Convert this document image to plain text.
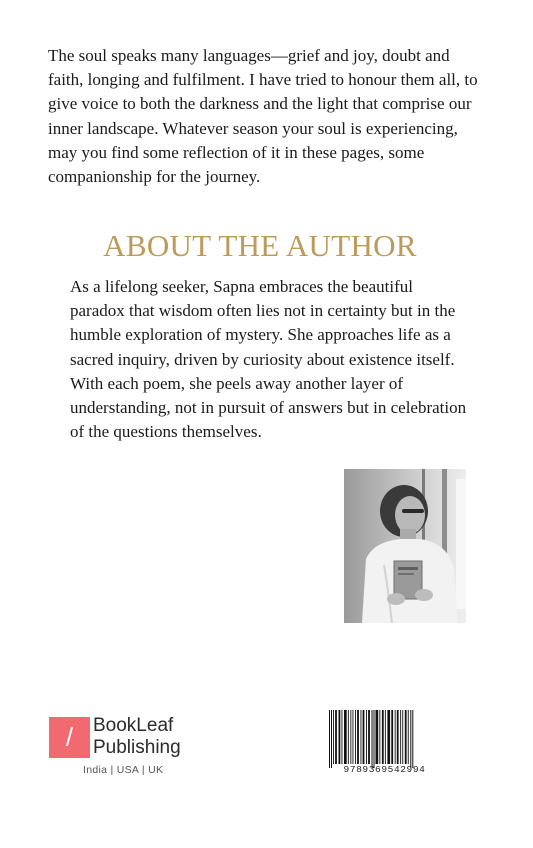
The soul speaks many languages—grief and joy, doubt and faith, longing and fulfilment. I have tried to honour them all, to give voice to both the darkness and the light that comprise our inner landscape. Whatever season your soul is experiencing, may you find some reflection of it in these pages, some companionship for the journey.

ABOUT THE AUTHOR

As a lifelong seeker, Sapna embraces the beautiful paradox that wisdom often lies not in certainty but in the humble exploration of mystery. She approaches life as a sacred inquiry, driven by curiosity about existence itself. With each poem, she peels away another layer of understanding, not in pursuit of answers but in celebration of the questions themselves.

/	BookLeaf
Publishing

India | USA | UK	9789369542994
